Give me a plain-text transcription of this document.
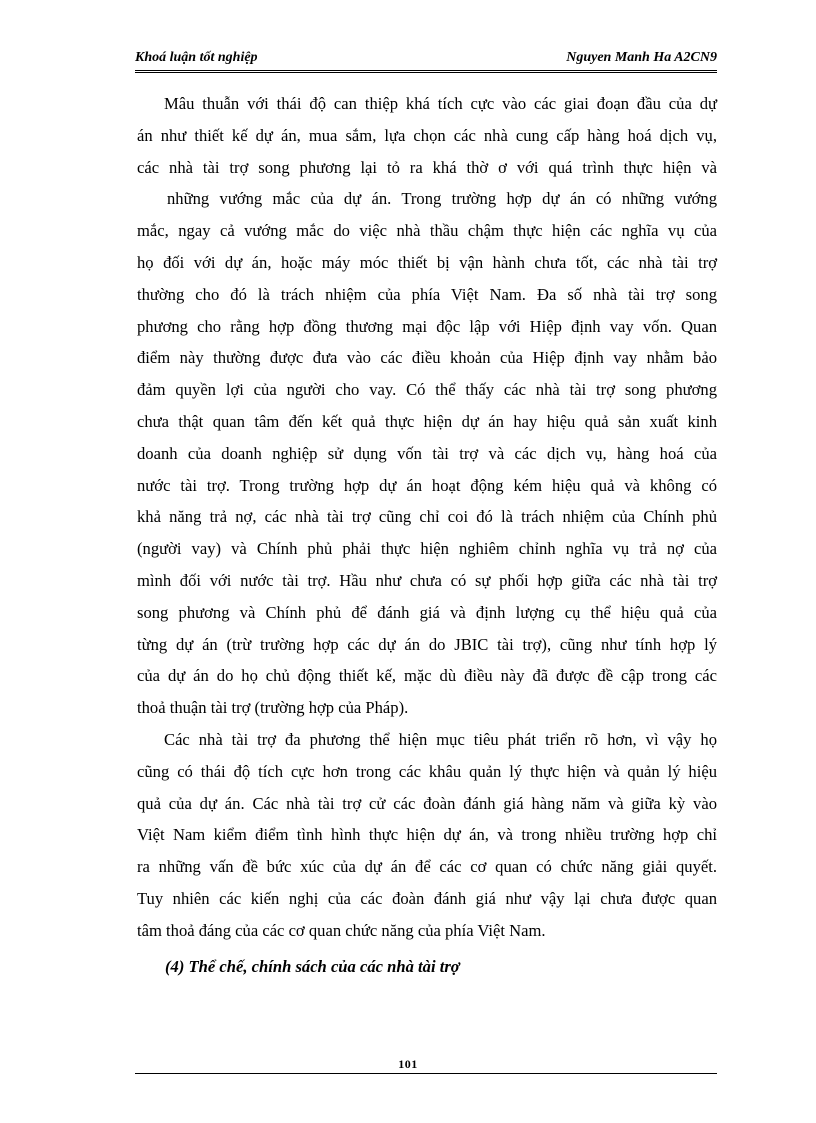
Khoá luận tốt nghiệp	Nguyen Manh Ha A2CN9
Mâu thuẫn với thái độ can thiệp khá tích cực vào các giai đoạn đầu của dự
án như thiết kế dự án, mua sắm, lựa chọn các nhà cung cấp hàng hoá dịch vụ,
các nhà tài trợ song phương lại tỏ ra khá thờ ơ với quá trình thực hiện và
những vướng mắc của dự án. Trong trường hợp dự án có những vướng
mắc, ngay cả vướng mắc do việc nhà thầu chậm thực hiện các nghĩa vụ của
họ đối với dự án, hoặc máy móc thiết bị vận hành chưa tốt, các nhà tài trợ
thường cho đó là trách nhiệm của phía Việt Nam. Đa số nhà tài trợ song
phương cho rằng hợp đồng thương mại độc lập với Hiệp định vay vốn. Quan
điểm này thường được đưa vào các điều khoản của Hiệp định vay nhằm bảo
đảm quyền lợi của người cho vay. Có thể thấy các nhà tài trợ song phương
chưa thật quan tâm đến kết quả thực hiện dự án hay hiệu quả sản xuất kinh
doanh của doanh nghiệp sử dụng vốn tài trợ và các dịch vụ, hàng hoá của
nước tài trợ. Trong trường hợp dự án hoạt động kém hiệu quả và không có
khả năng trả nợ, các nhà tài trợ cũng chỉ coi đó là trách nhiệm của Chính phủ
(người vay) và Chính phủ phải thực hiện nghiêm chỉnh nghĩa vụ trả nợ của
mình đối với nước tài trợ. Hầu như chưa có sự phối hợp giữa các nhà tài trợ
song phương và Chính phủ để đánh giá và định lượng cụ thể hiệu quả của
từng dự án (trừ trường hợp các dự án do JBIC tài trợ), cũng như tính hợp lý
của dự án do họ chủ động thiết kế, mặc dù điều này đã được đề cập trong các
thoả thuận tài trợ (trường hợp của Pháp).
Các nhà tài trợ đa phương thể hiện mục tiêu phát triển rõ hơn, vì vậy họ
cũng có thái độ tích cực hơn trong các khâu quản lý thực hiện và quản lý hiệu
quả của dự án. Các nhà tài trợ cử các đoàn đánh giá hàng năm và giữa kỳ vào
Việt Nam kiểm điểm tình hình thực hiện dự án, và trong nhiều trường hợp chỉ
ra những vấn đề bức xúc của dự án để các cơ quan có chức năng giải quyết.
Tuy nhiên các kiến nghị của các đoàn đánh giá như vậy lại chưa được quan
tâm thoả đáng của các cơ quan chức năng của phía Việt Nam.
(4) Thể chế, chính sách của các nhà tài trợ
101
